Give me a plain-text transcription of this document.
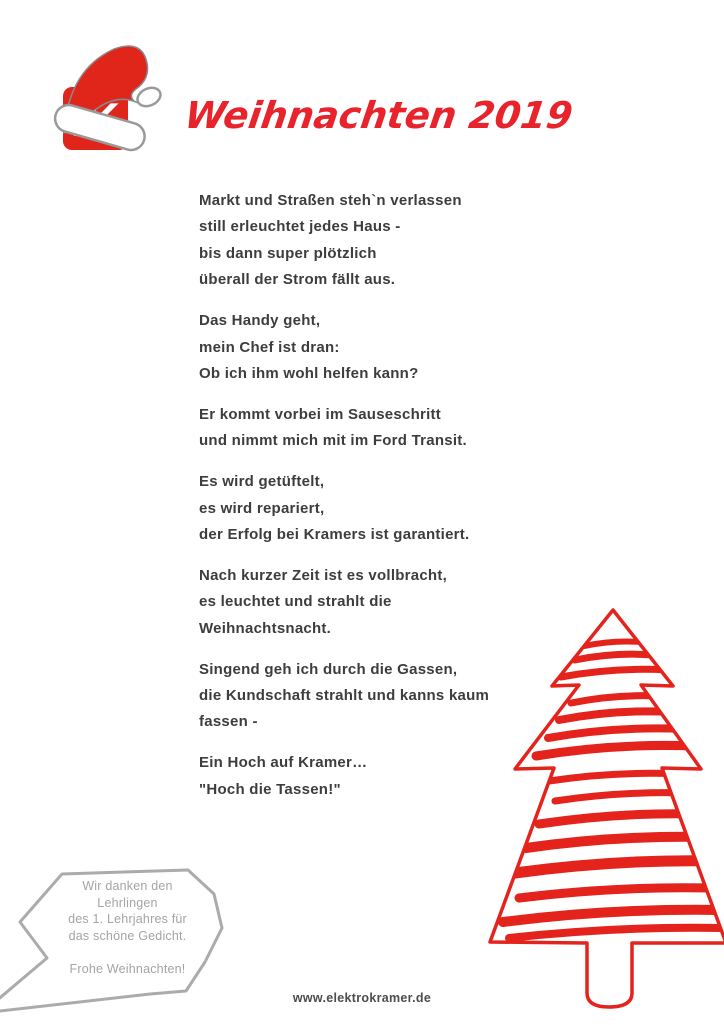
Weihnachten 2019
Markt und Straßen steh`n verlassen
still erleuchtet jedes Haus -
bis dann super plötzlich
überall der Strom fällt aus.
Das Handy geht,
mein Chef ist dran:
Ob ich ihm wohl helfen kann?
Er kommt vorbei im Sauseschritt
und nimmt mich mit im Ford Transit.
Es wird getüftelt,
es wird repariert,
der Erfolg bei Kramers ist garantiert.
Nach kurzer Zeit ist es vollbracht,
es leuchtet und strahlt die
Weihnachtsnacht.
Singend geh ich durch die Gassen,
die Kundschaft strahlt und kanns kaum
fassen -
Ein Hoch auf Kramer…
"Hoch die Tassen!"
Wir danken den
Lehrlingen
des 1. Lehrjahres für
das schöne Gedicht.

Frohe Weihnachten!
www.elektrokramer.de
